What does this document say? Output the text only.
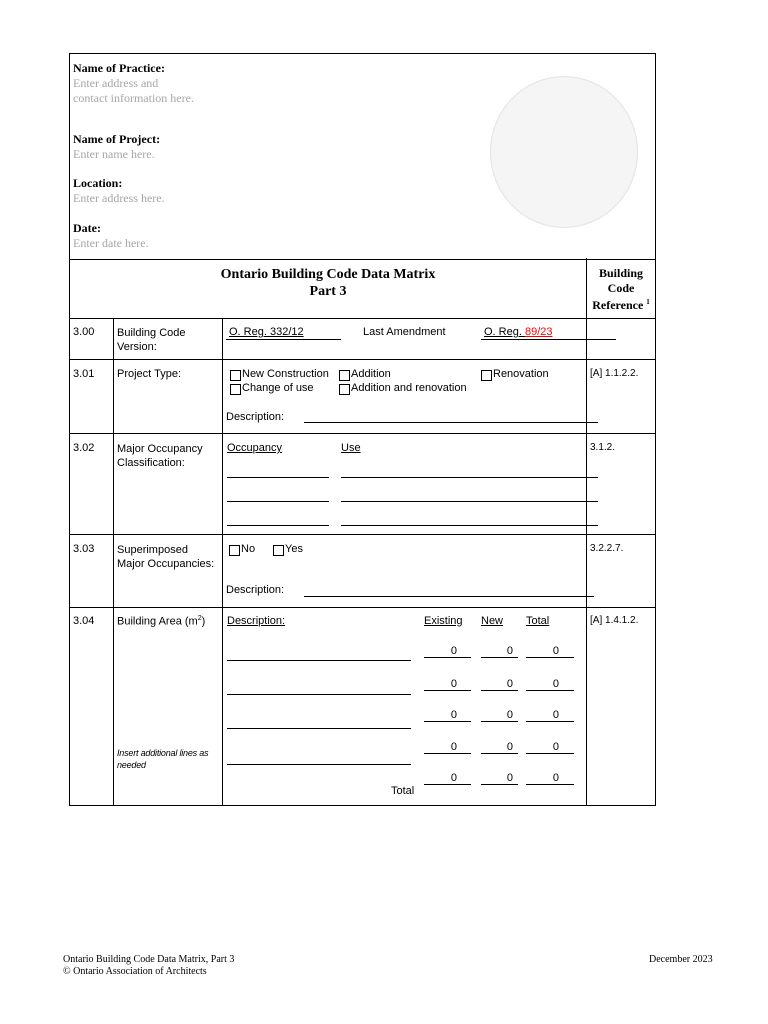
Name of Practice:
Enter address and
contact information here.
Name of Project:
Enter name here.
Location:
Enter address here.
Date:
Enter date here.
Ontario Building Code Data Matrix
Part 3
Building
Code
Reference $^1$
3.00 Building Code
Version:
O. Reg. 332/12	Last Amendment	O. Reg. 89/23
3.01 Project Type:	New Construction Addition	Renovation
Change of use	Addition and renovation
Description:
[A] 1.1.2.2.
3.02 Major Occupancy
Classification:
Occupancy	Use	3.1.2.
3.03 Superimposed
Major Occupancies:
No	Yes
Description:
3.2.2.7.
3.04 Building Area $(m^2)$
Insert additional lines as
needed
Description:	Existing New Total
0	0	0
0	0	0
0	0	0
0	0	0
Total
0	0	0
[A] 1.4.1.2.
Ontario Building Code Data Matrix, Part 3
© Ontario Association of Architects
December 2023
